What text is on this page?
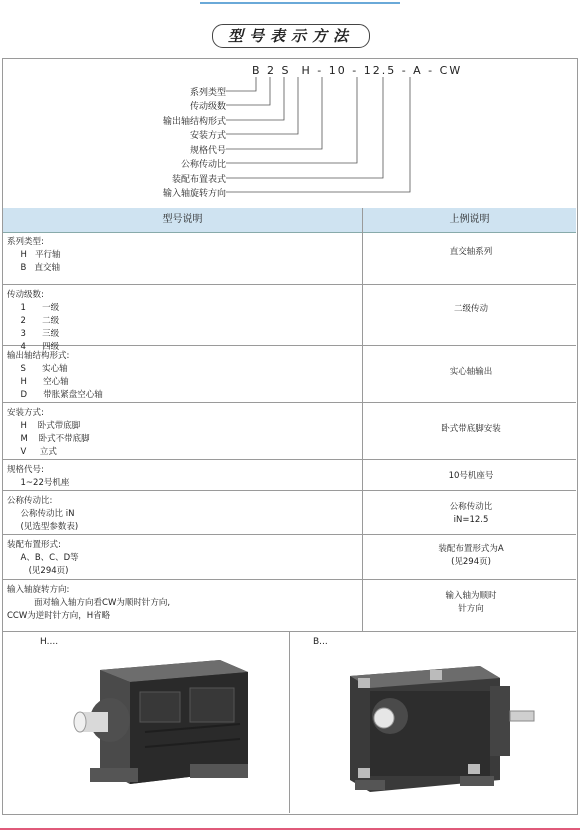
型号表示方法
B 2 S  H - 10 - 12.5 - A - CW
系列类型
传动级数
输出轴结构形式
安装方式
规格代号
公称传动比
装配布置表式
输入轴旋转方向
型号说明	上例说明
系列类型:
H   平行轴
B   直交轴
直交轴系列
传动级数:
1      一级
2      二级
3      三级
4      四级
二级传动
输出轴结构形式:
S      实心轴
H      空心轴
D      带胀紧盘空心轴
实心轴输出
安装方式:
H    卧式带底脚
M    卧式不带底脚
V     立式
卧式带底脚安装
规格代号:
1~22号机座
10号机座号
公称传动比:
公称传动比 iN
(见选型参数表)
公称传动比
iN=12.5
装配布置形式:
A、B、C、D等
(见294页)
装配布置形式为A
(见294页)
输入轴旋转方向:
面对输入轴方向看CW为顺时针方向,
CCW为逆时针方向，H省略
输入轴为顺时
针方向
H....	B...
